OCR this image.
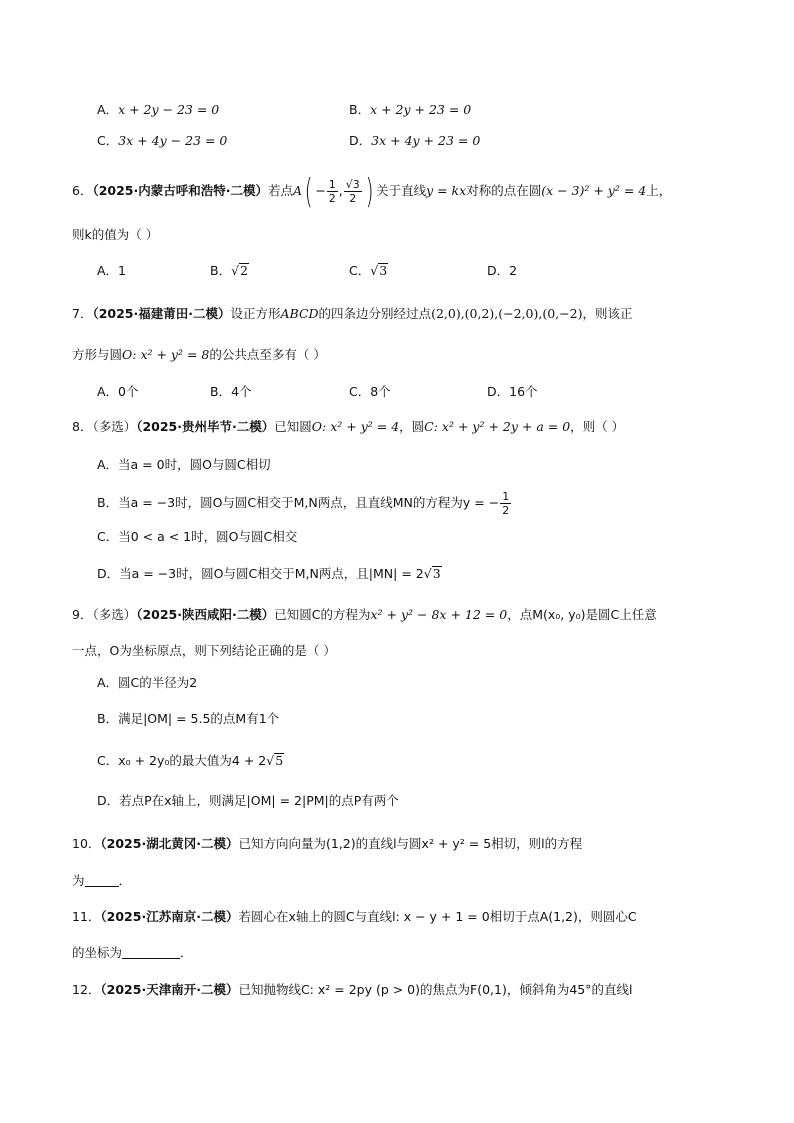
A．x + 2y − 23 = 0	B．x + 2y + 23 = 0
C．3x + 4y − 23 = 0	D．3x + 4y + 23 = 0
6．（2025·内蒙古呼和浩特·二模）若点$A( - \frac{1}{2}$ , $\frac{√3}{2}$ ) 关于直线y = kx对称的点在圆(x − 3)² + y² = 4上，
则k的值为（ ）
A．1	B．√2	C．√3	D．2
7．（2025·福建莆田·二模）设正方形ABCD的四条边分别经过点(2,0),(0,2),(−2,0),(0,−2)，则该正
方形与圆O: x² + y² = 8的公共点至多有（ ）
A．0个	B．4个	C．8个	D．16个
8．（多选）（2025·贵州毕节·二模）已知圆O: x² + y² = 4，圆C: x² + y² + 2y + a = 0，则（ ）
A．当a = 0时，圆O与圆C相切
B．当a = −3时，圆O与圆C相交于M,N两点，且直线MN的方程为y = − $\frac{1}{2}$
C．当0 < a < 1时，圆O与圆C相交
D．当a = −3时，圆O与圆C相交于M,N两点，且|MN| = 2√3
9．（多选）（2025·陕西咸阳·二模）已知圆C的方程为x² + y² − 8x + 12 = 0，点M(x₀, y₀)是圆C上任意
一点，O为坐标原点，则下列结论正确的是（ ）
A．圆C的半径为2
B．满足|OM| = 5.5的点M有1个
C．x₀ + 2y₀的最大值为4 + 2√5
D．若点P在x轴上，则满足|OM| = 2|PM|的点P有两个
10．（2025·湖北黄冈·二模）已知方向向量为(1,2)的直线l与圆x² + y² = 5相切，则l的方程
为	．
11．（2025·江苏南京·二模）若圆心在x轴上的圆C与直线l: x − y + 1 = 0相切于点A(1,2)，则圆心C
的坐标为	．
12．（2025·天津南开·二模）已知抛物线C: x² = 2py (p > 0)的焦点为F(0,1)，倾斜角为45°的直线l
